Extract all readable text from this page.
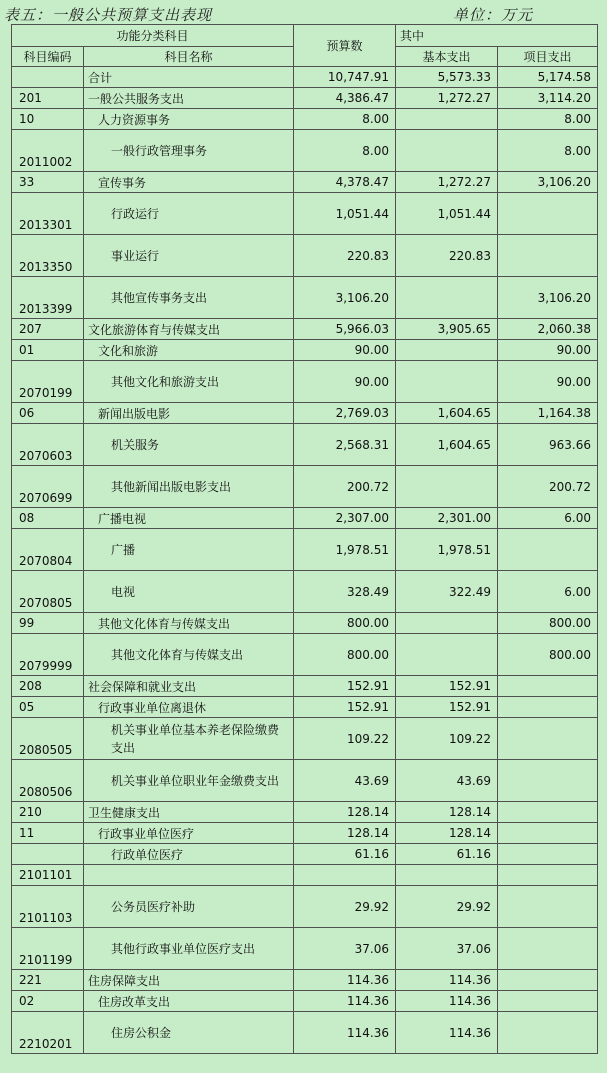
表五：一般公共预算支出表现	单位：万元
功能分类科目		预算数	其中	
科目编码	科目名称		基本支出	项目支出
	合计	10,747.91	5,573.33	5,174.58
201	一般公共服务支出	4,386.47	1,272.27	3,114.20
10	人力资源事务	8.00		8.00
2011002	一般行政管理事务	8.00		8.00
33	宣传事务	4,378.47	1,272.27	3,106.20
2013301	行政运行	1,051.44	1,051.44	
2013350	事业运行	220.83	220.83	
2013399	其他宣传事务支出	3,106.20		3,106.20
207	文化旅游体育与传媒支出	5,966.03	3,905.65	2,060.38
01	文化和旅游	90.00		90.00
2070199	其他文化和旅游支出	90.00		90.00
06	新闻出版电影	2,769.03	1,604.65	1,164.38
2070603	机关服务	2,568.31	1,604.65	963.66
2070699	其他新闻出版电影支出	200.72		200.72
08	广播电视	2,307.00	2,301.00	6.00
2070804	广播	1,978.51	1,978.51	
2070805	电视	328.49	322.49	6.00
99	其他文化体育与传媒支出	800.00		800.00
2079999	其他文化体育与传媒支出	800.00		800.00
208	社会保障和就业支出	152.91	152.91	
05	行政事业单位离退休	152.91	152.91	
2080505	机关事业单位基本养老保险缴费支出	109.22	109.22	
2080506	机关事业单位职业年金缴费支出	43.69	43.69	
210	卫生健康支出	128.14	128.14	
11	行政事业单位医疗	128.14	128.14	
	行政单位医疗	61.16	61.16	
2101101				
2101103	公务员医疗补助	29.92	29.92	
2101199	其他行政事业单位医疗支出	37.06	37.06	
221	住房保障支出	114.36	114.36	
02	住房改革支出	114.36	114.36	
2210201	住房公积金	114.36	114.36	
